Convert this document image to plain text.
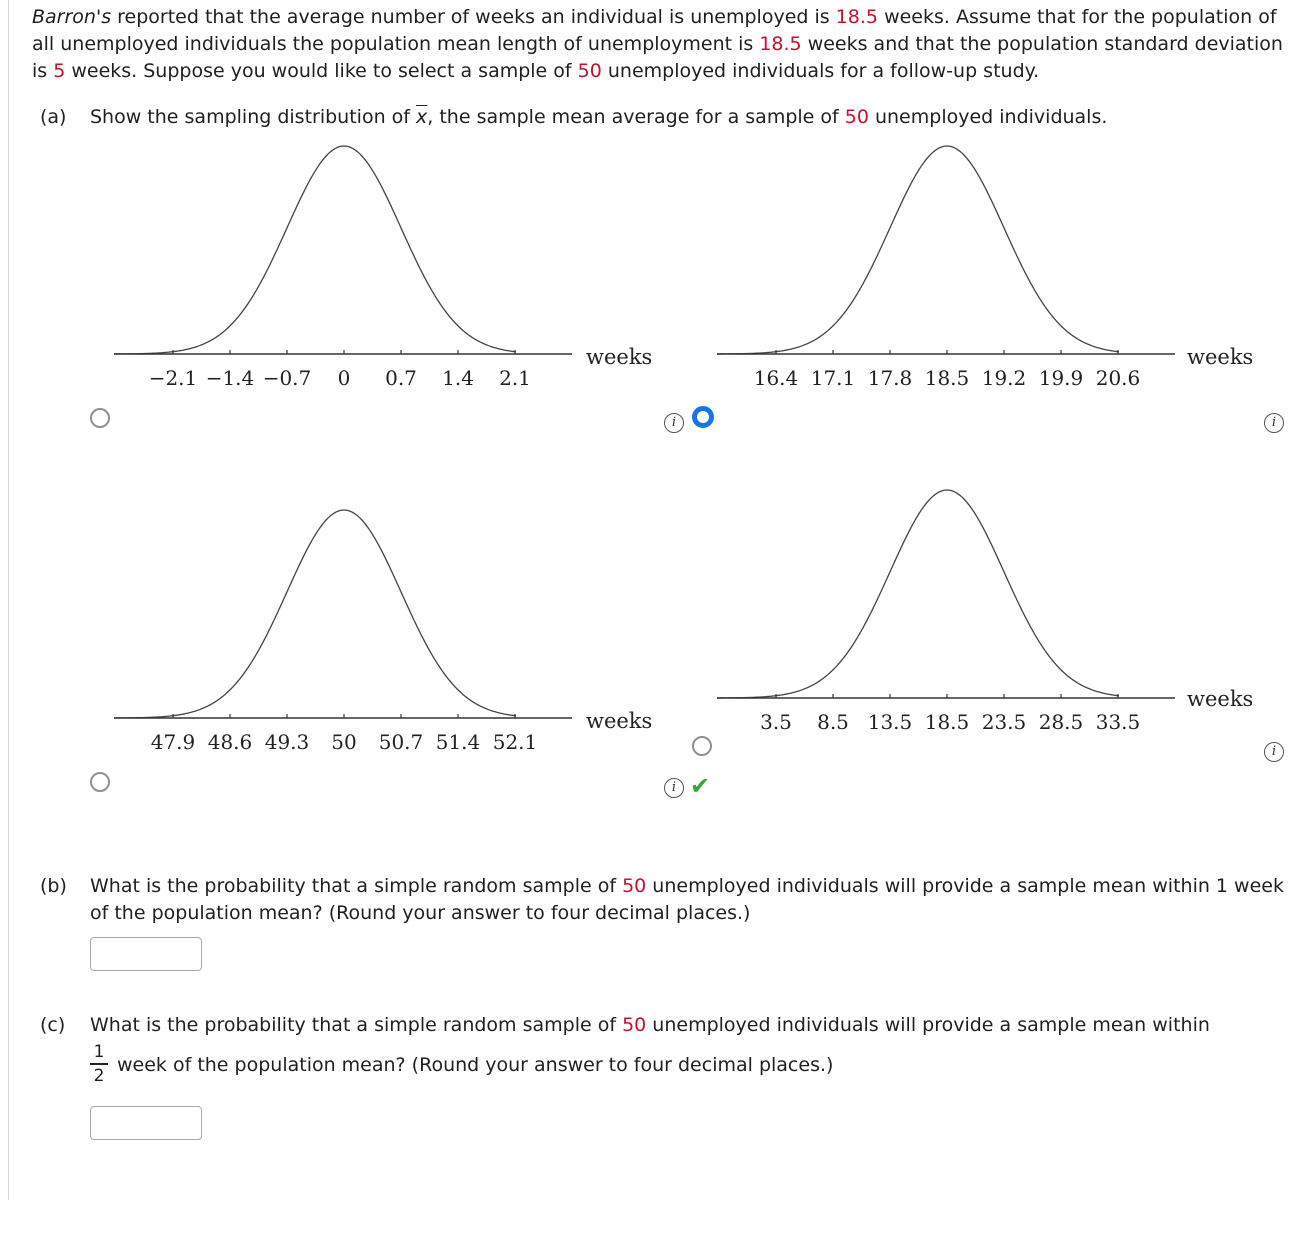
Barron's reported that the average number of weeks an individual is unemployed is 18.5 weeks. Assume that for the population of
all unemployed individuals the population mean length of unemployment is 18.5 weeks and that the population standard deviation
is 5 weeks. Suppose you would like to select a sample of 50 unemployed individuals for a follow-up study.
(a) Show the sampling distribution of $\overline{x}$, the sample mean average for a sample of 50 unemployed individuals.
−2.1 −1.4 −0.7 0 0.7 1.4 2.1
weeks
i
16.4 17.1 17.8 18.5 19.2 19.9 20.6
weeks
i
47.9 48.6 49.3 50 50.7 51.4 52.1
weeks
i ✔
3.5 8.5 13.5 18.5 23.5 28.5 33.5
weeks
i
(b) What is the probability that a simple random sample of 50 unemployed individuals will provide a sample mean within 1 week
of the population mean? (Round your answer to four decimal places.)
(c) What is the probability that a simple random sample of 50 unemployed individuals will provide a sample mean within
1
2 week of the population mean? (Round your answer to four decimal places.)
